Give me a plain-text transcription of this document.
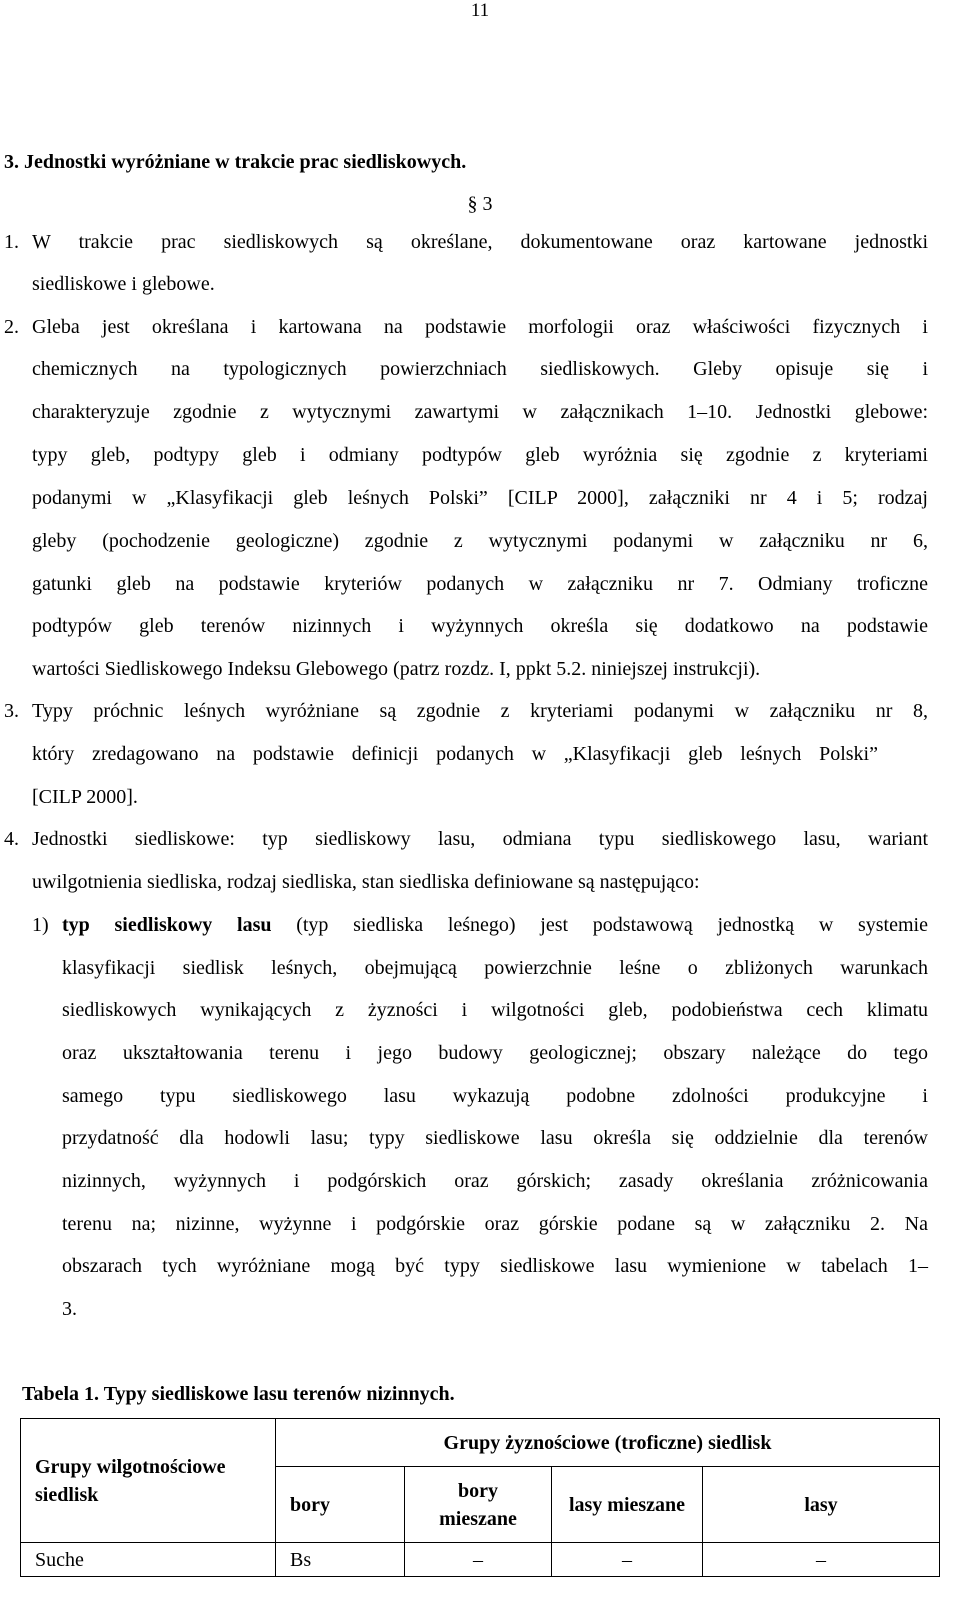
11
3. Jednostki wyróżniane w trakcie prac siedliskowych.
§ 3
1. W trakcie prac siedliskowych są określane, dokumentowane oraz kartowane jednostki
siedliskowe i glebowe.
2. Gleba jest określana i kartowana na podstawie morfologii oraz właściwości fizycznych i
chemicznych na typologicznych powierzchniach siedliskowych. Gleby opisuje się i
charakteryzuje zgodnie z wytycznymi zawartymi w załącznikach 1–10. Jednostki glebowe:
typy gleb, podtypy gleb i odmiany podtypów gleb wyróżnia się zgodnie z kryteriami
podanymi w „Klasyfikacji gleb leśnych Polski” [CILP 2000], załączniki nr 4 i 5; rodzaj
gleby (pochodzenie geologiczne) zgodnie z wytycznymi podanymi w załączniku nr 6,
gatunki gleb na podstawie kryteriów podanych w załączniku nr 7. Odmiany troficzne
podtypów gleb terenów nizinnych i wyżynnych określa się dodatkowo na podstawie
wartości Siedliskowego Indeksu Glebowego (patrz rozdz. I, ppkt 5.2. niniejszej instrukcji).
3. Typy próchnic leśnych wyróżniane są zgodnie z kryteriami podanymi w załączniku nr 8,
który zredagowano na podstawie definicji podanych w „Klasyfikacji gleb leśnych Polski”
[CILP 2000].
4. Jednostki siedliskowe: typ siedliskowy lasu, odmiana typu siedliskowego lasu, wariant
uwilgotnienia siedliska, rodzaj siedliska, stan siedliska definiowane są następująco:
1) typ siedliskowy lasu (typ siedliska leśnego) jest podstawową jednostką w systemie
klasyfikacji siedlisk leśnych, obejmującą powierzchnie leśne o zbliżonych warunkach
siedliskowych wynikających z żyzności i wilgotności gleb, podobieństwa cech klimatu
oraz ukształtowania terenu i jego budowy geologicznej; obszary należące do tego
samego typu siedliskowego lasu wykazują podobne zdolności produkcyjne i
przydatność dla hodowli lasu; typy siedliskowe lasu określa się oddzielnie dla terenów
nizinnych, wyżynnych i podgórskich oraz górskich; zasady określania zróżnicowania
terenu na; nizinne, wyżynne i podgórskie oraz górskie podane są w załączniku 2. Na
obszarach tych wyróżniane mogą być typy siedliskowe lasu wymienione w tabelach 1–
3.
Tabela 1. Typy siedliskowe lasu terenów nizinnych.
Grupy wilgotnościowe siedlisk	Grupy żyznościowe (troficzne) siedlisk			
	bory	bory mieszane	lasy mieszane	lasy
Suche	Bs	–	–	–
